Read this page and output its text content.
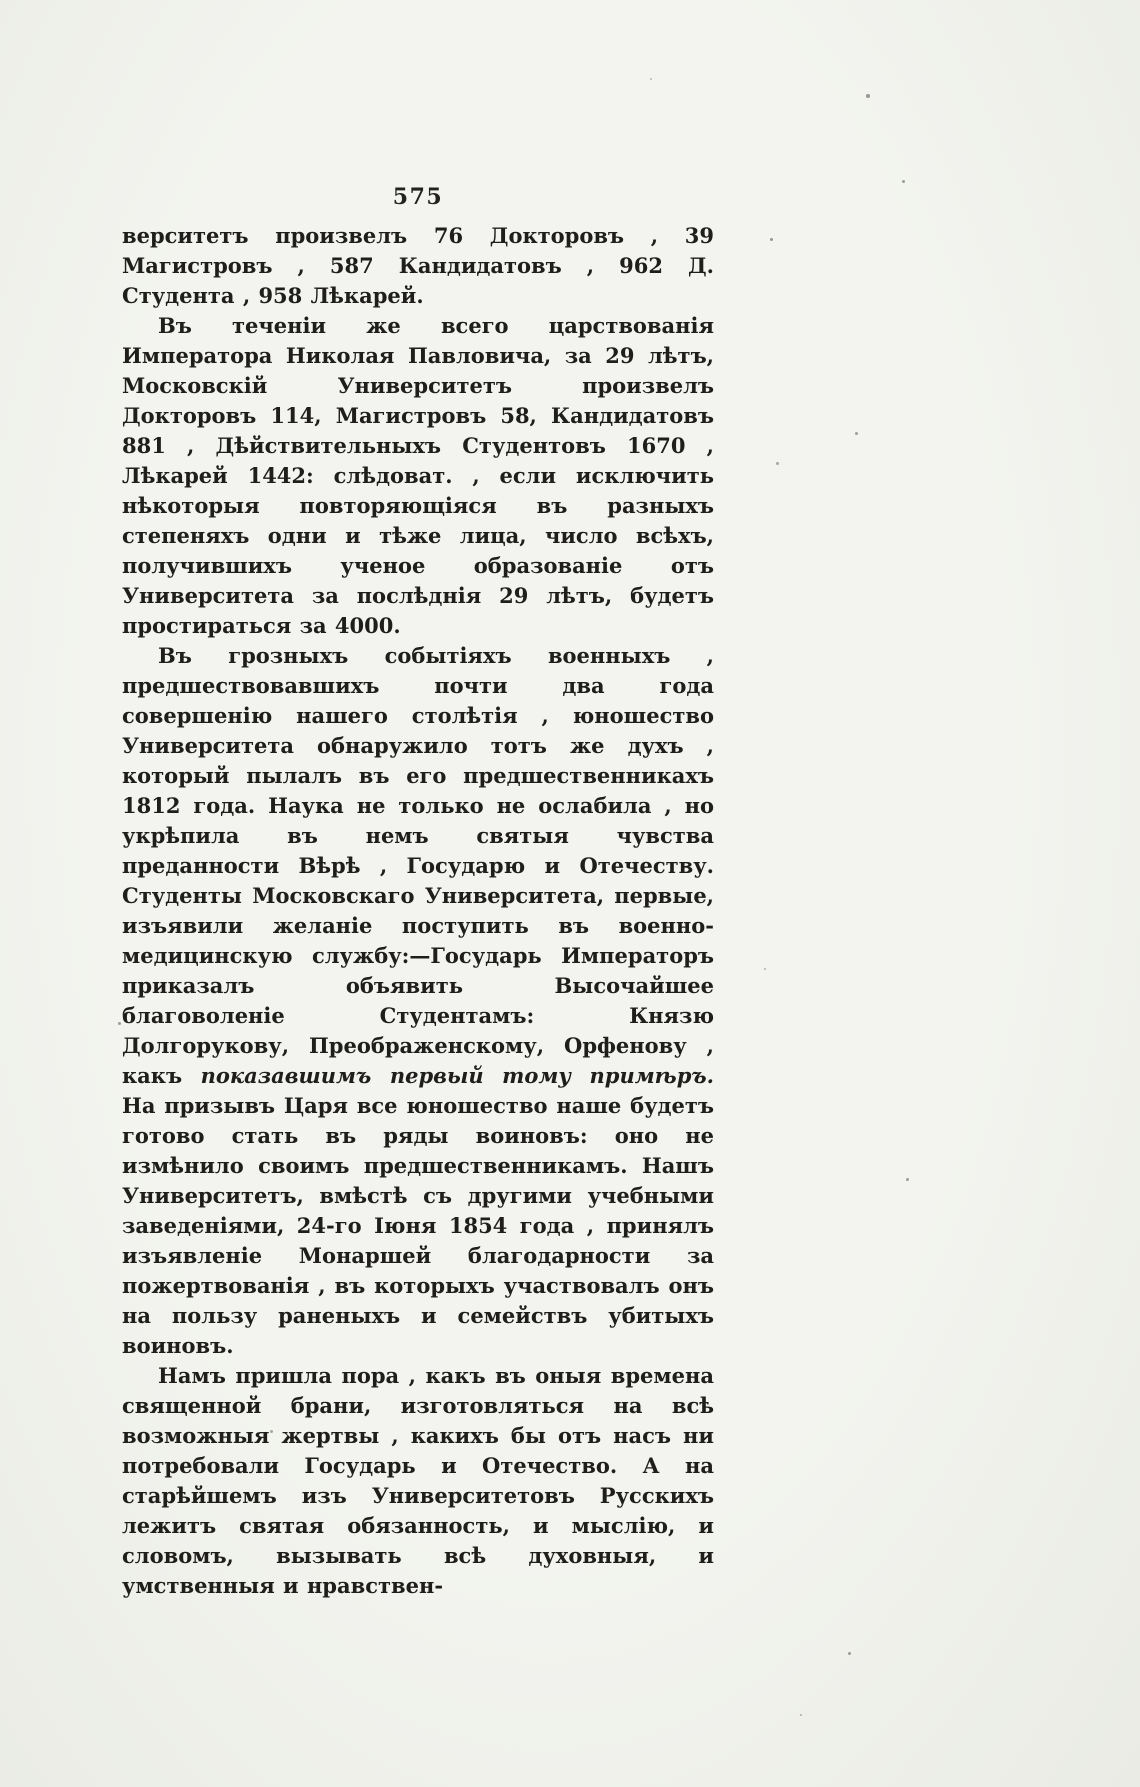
575

верситетъ произвелъ 76 Докторовъ , 39 Магистровъ , 587 Кандидатовъ , 962 Д. Студента , 958 Лѣкарей.

Въ теченіи же всего царствованія Императора Николая Павловича, за 29 лѣтъ, Московскій Университетъ произвелъ Докторовъ 114, Магистровъ 58, Кандидатовъ 881 , Дѣйствительныхъ Студентовъ 1670 , Лѣкарей 1442: слѣдоват. , если исключить нѣкоторыя повторяющіяся въ разныхъ степеняхъ одни и тѣже лица, число всѣхъ, получившихъ ученое образованіе отъ Университета за послѣднія 29 лѣтъ, будетъ простираться за 4000.

Въ грозныхъ событіяхъ военныхъ , предшествовавшихъ почти два года совершенію нашего столѣтія , юношество Университета обнаружило тотъ же духъ , который пылалъ въ его предшественникахъ 1812 года. Наука не только не ослабила , но укрѣпила въ немъ святыя чувства преданности Вѣрѣ , Государю и Отечеству. Студенты Московскаго Университета, первые, изъявили желаніе поступить въ военно-медицинскую службу:—Государь Императоръ приказалъ объявить Высочайшее благоволеніе Студентамъ: Князю Долгорукову, Преображенскому, Орфенову , какъ показавшимъ первый тому примѣръ. На призывъ Царя все юношество наше будетъ готово стать въ ряды воиновъ: оно не измѣнило своимъ предшественникамъ. Нашъ Университетъ, вмѣстѣ съ другими учебными заведеніями, 24-го Іюня 1854 года , принялъ изъявленіе Монаршей благодарности за пожертвованія , въ которыхъ участвовалъ онъ на пользу раненыхъ и семействъ убитыхъ воиновъ.

Намъ пришла пора , какъ въ оныя времена священной брани, изготовляться на всѣ возможныя жертвы , какихъ бы отъ насъ ни потребовали Государь и Отечество. А на старѣйшемъ изъ Университетовъ Русскихъ лежитъ святая обязанность, и мыслію, и словомъ, вызывать всѣ духовныя, и умственныя и нравствен-
